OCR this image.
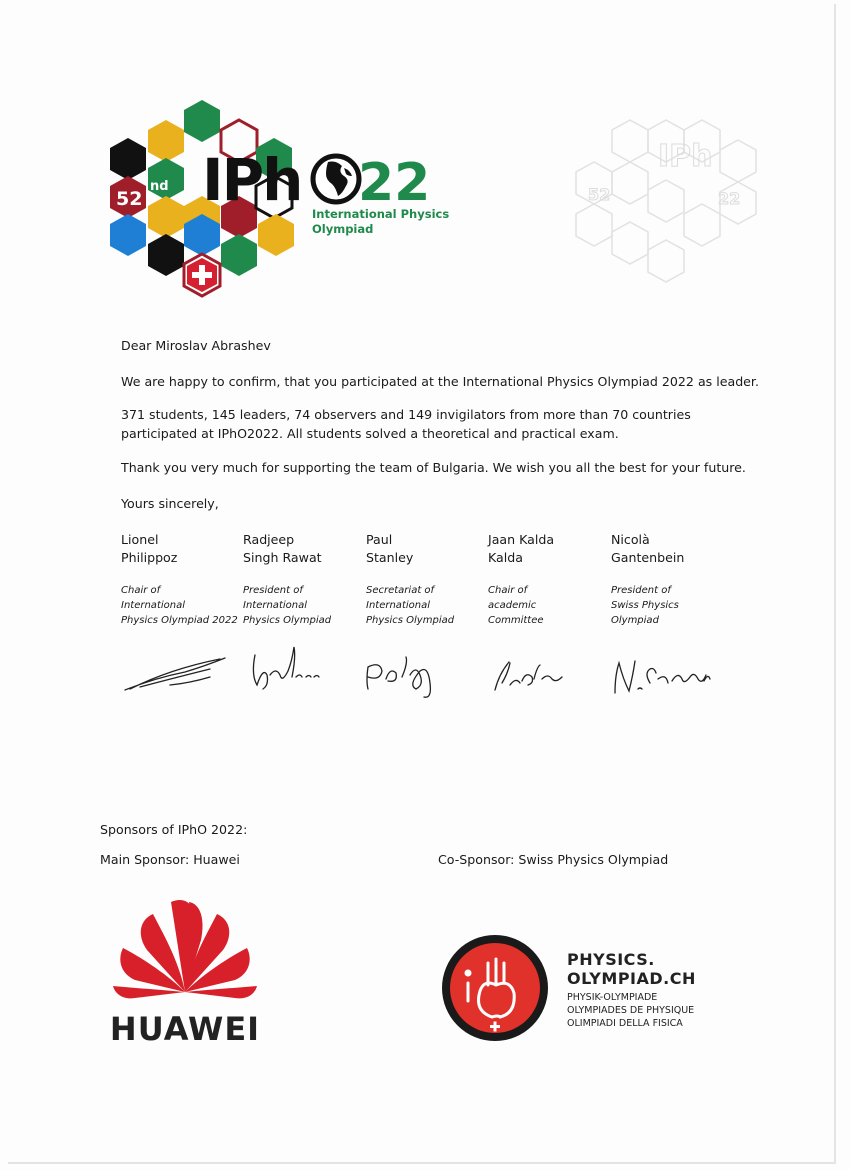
52
nd IPh 22
International Physics
Olympiad
IPh
52	22
Dear Miroslav Abrashev
We are happy to confirm, that you participated at the International Physics Olympiad 2022 as leader.
371 students, 145 leaders, 74 observers and 149 invigilators from more than 70 countries
participated at IPhO2022. All students solved a theoretical and practical exam.
Thank you very much for supporting the team of Bulgaria. We wish you all the best for your future.
Yours sincerely,
Lionel
Philippoz
Chair of
International
Physics Olympiad 2022
Radjeep
Singh Rawat
President of
International
Physics Olympiad
Paul
Stanley
Secretariat of
International
Physics Olympiad
Jaan Kalda
Kalda
Chair of
academic
Committee
Nicolà
Gantenbein
President of
Swiss Physics
Olympiad
Sponsors of IPhO 2022:
Main Sponsor: Huawei	Co-Sponsor: Swiss Physics Olympiad
HUAWEI
PHYSICS.
OLYMPIAD.CH
PHYSIK-OLYMPIADE
OLYMPIADES DE PHYSIQUE
OLIMPIADI DELLA FISICA
